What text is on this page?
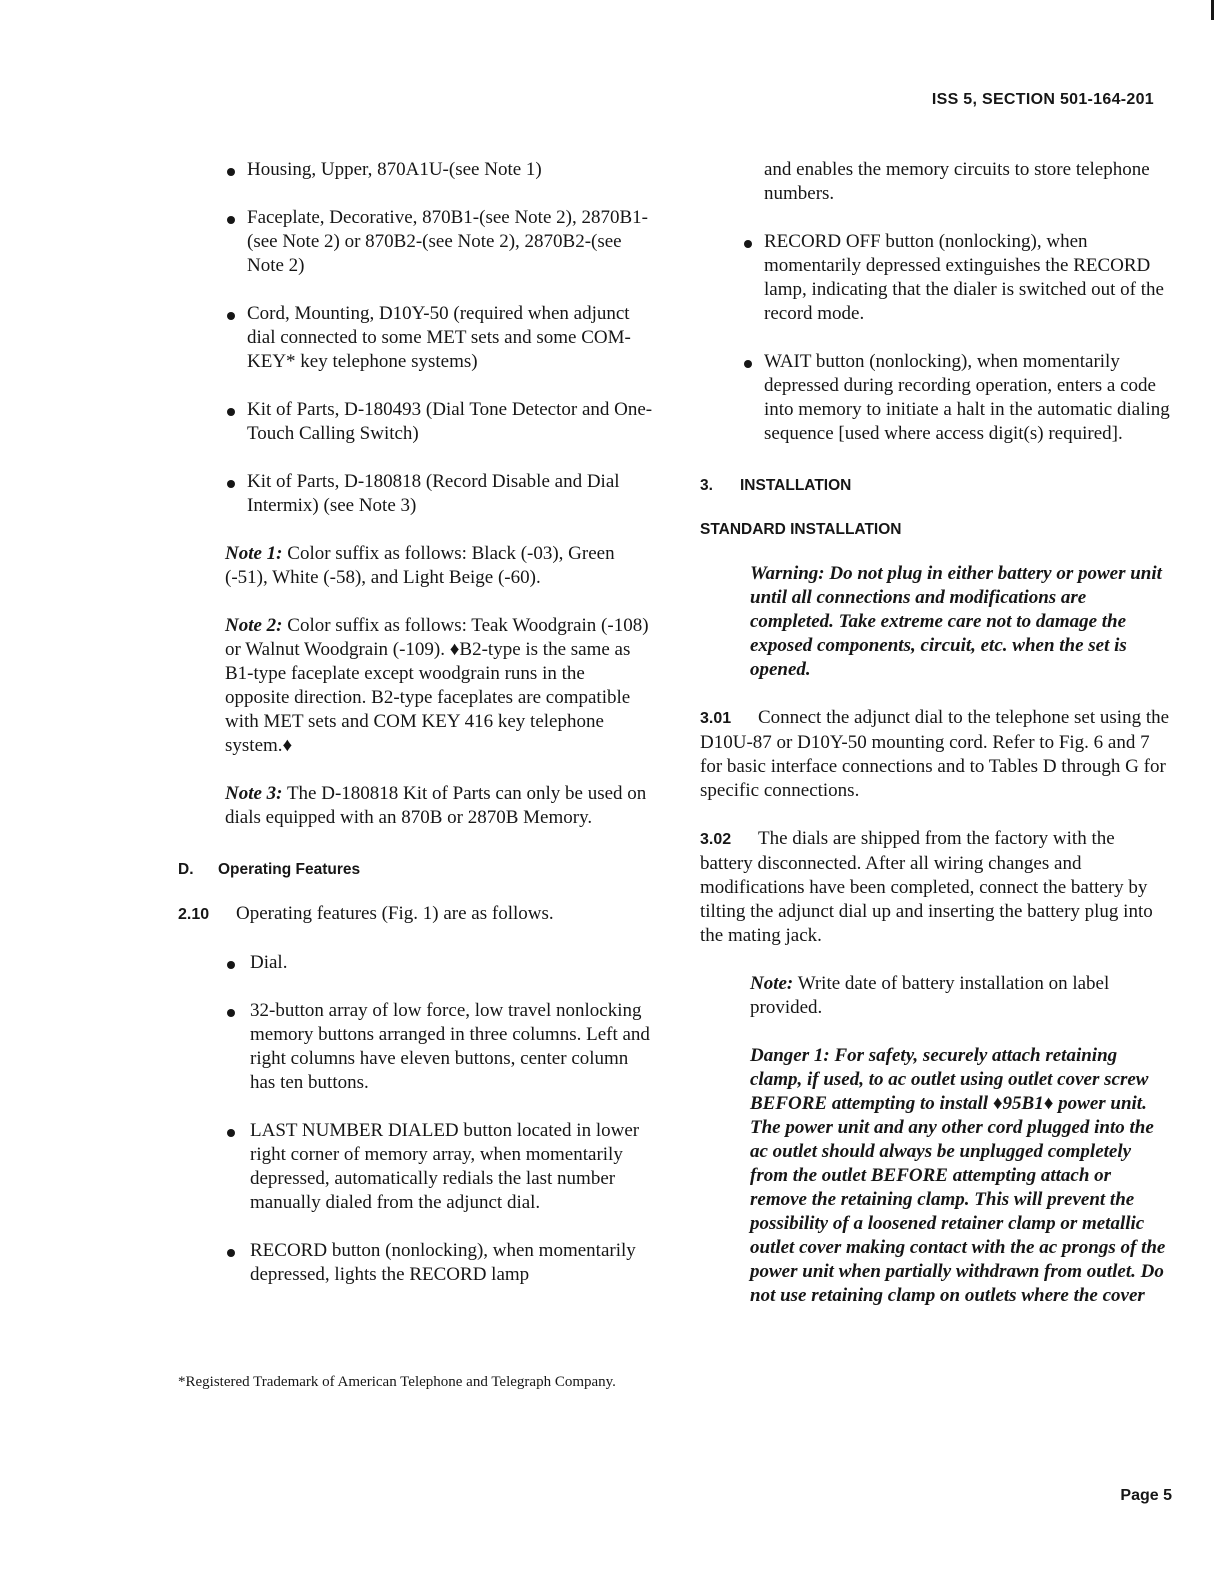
ISS 5, SECTION 501-164-201
Housing, Upper, 870A1U-(see Note 1)
Faceplate, Decorative, 870B1-(see Note 2), 2870B1-(see Note 2) or 870B2-(see Note 2), 2870B2-(see Note 2)
Cord, Mounting, D10Y-50 (required when adjunct dial connected to some MET sets and some COM-KEY* key telephone systems)
Kit of Parts, D-180493 (Dial Tone Detector and One-Touch Calling Switch)
Kit of Parts, D-180818 (Record Disable and Dial Intermix) (see Note 3)
Note 1: Color suffix as follows: Black (-03), Green (-51), White (-58), and Light Beige (-60).
Note 2: Color suffix as follows: Teak Woodgrain (-108) or Walnut Woodgrain (-109). ♦B2-type is the same as B1-type faceplate except woodgrain runs in the opposite direction. B2-type faceplates are compatible with MET sets and COM KEY 416 key telephone system.♦
Note 3: The D-180818 Kit of Parts can only be used on dials equipped with an 870B or 2870B Memory.
D. Operating Features
2.10 Operating features (Fig. 1) are as follows.
Dial.
32-button array of low force, low travel nonlocking memory buttons arranged in three columns. Left and right columns have eleven buttons, center column has ten buttons.
LAST NUMBER DIALED button located in lower right corner of memory array, when momentarily depressed, automatically redials the last number manually dialed from the adjunct dial.
RECORD button (nonlocking), when momentarily depressed, lights the RECORD lamp
*Registered Trademark of American Telephone and Telegraph Company.
and enables the memory circuits to store telephone numbers.
RECORD OFF button (nonlocking), when momentarily depressed extinguishes the RECORD lamp, indicating that the dialer is switched out of the record mode.
WAIT button (nonlocking), when momentarily depressed during recording operation, enters a code into memory to initiate a halt in the automatic dialing sequence [used where access digit(s) required].
3. INSTALLATION
STANDARD INSTALLATION
Warning: Do not plug in either battery or power unit until all connections and modifications are completed. Take extreme care not to damage the exposed components, circuit, etc. when the set is opened.
3.01 Connect the adjunct dial to the telephone set using the D10U-87 or D10Y-50 mounting cord. Refer to Fig. 6 and 7 for basic interface connections and to Tables D through G for specific connections.
3.02 The dials are shipped from the factory with the battery disconnected. After all wiring changes and modifications have been completed, connect the battery by tilting the adjunct dial up and inserting the battery plug into the mating jack.
Note: Write date of battery installation on label provided.
Danger 1: For safety, securely attach retaining clamp, if used, to ac outlet using outlet cover screw BEFORE attempting to install ♦95B1♦ power unit. The power unit and any other cord plugged into the ac outlet should always be unplugged completely from the outlet BEFORE attempting attach or remove the retaining clamp. This will prevent the possibility of a loosened retainer clamp or metallic outlet cover making contact with the ac prongs of the power unit when partially withdrawn from outlet. Do not use retaining clamp on outlets where the cover
Page 5
